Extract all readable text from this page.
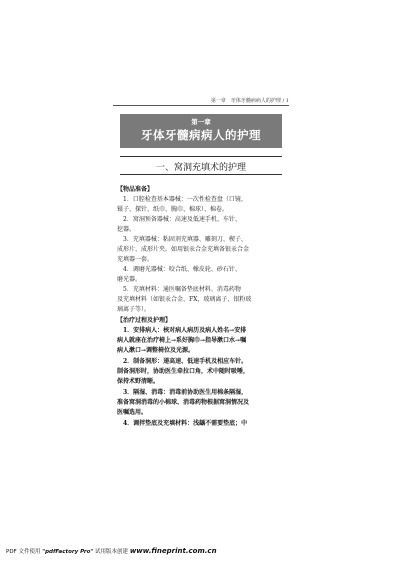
第一章　牙体牙髓病病人的护理 / 1
第一章
牙体牙髓病病人的护理
一、窝洞充填术的护理
【物品准备】
1．口腔检查基本器械：一次性检查盘（口镜、
镊子、探针、纸巾、胸巾、棉球）、棉卷。
2．窝洞预备器械：高速及低速手机、车针、
挖器。
3．充填器械：粘固剂充填器、雕刻刀、楔子、
成形片、成形片夹。如用银汞合金充填备银汞合金
充填器一套。
4．调磨光器械：咬合纸、橡皮轮、砂石针、
磨光器。
5．充填材料：通医嘱备垫底材料、消毒药物
及充填材料（如银汞合金、FX、玻璃离子、银粉玻
璃离子等）。
【治疗过程及护理】
1．安排病人：核对病人病历及病人姓名→安排
病人就座在治疗椅上→系好胸巾→指导漱口水→嘱
病人漱口→调整椅位及光源。
2．制备洞形：递高速、低速手机及相应车针。
制备洞形时，协助医生牵拉口角，术中随时吸唾，
保持术野清晰。
3．隔湿、消毒：消毒前协助医生用棉条隔湿，
准备窝洞消毒的小棉球、消毒药物根据窝洞情况及
医嘱选用。
4．调拌垫底及充填材料：浅龋不需要垫底；中
PDF 文件使用 "pdfFactory Pro" 试用版本创建 www.fineprint.com.cn
